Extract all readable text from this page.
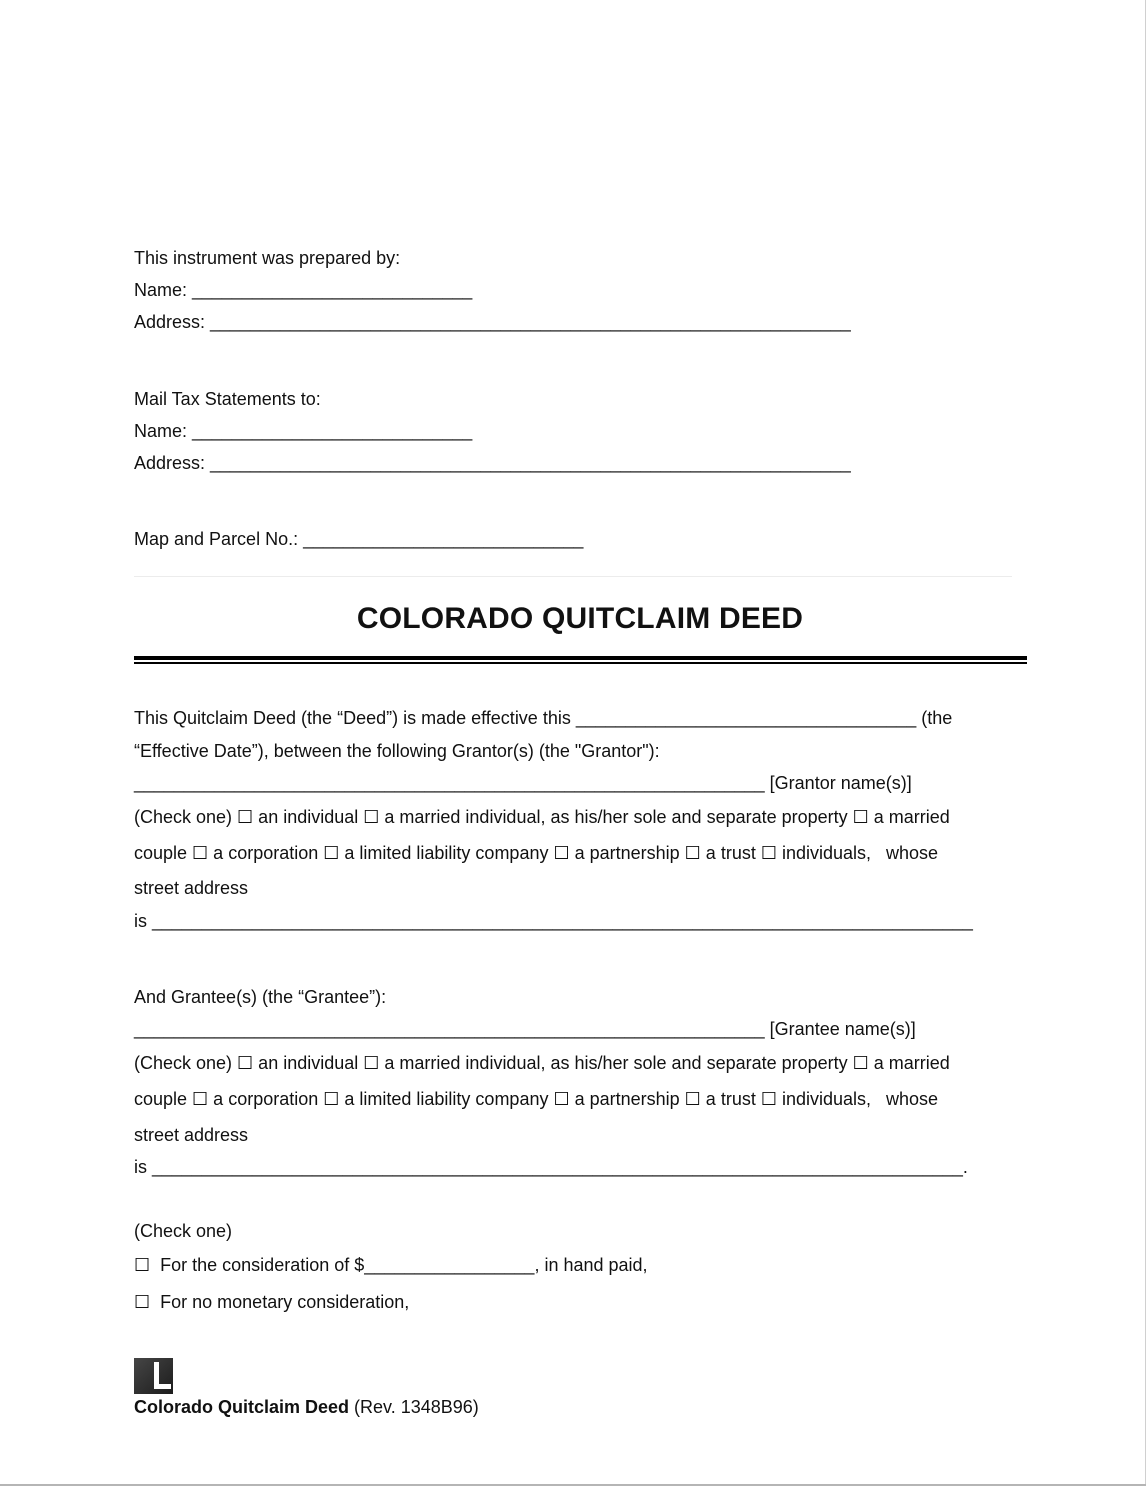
This instrument was prepared by:
Name: ____________________________
Address: ________________________________________________________________
Mail Tax Statements to:
Name: ____________________________
Address: ________________________________________________________________
Map and Parcel No.: ____________________________
COLORADO QUITCLAIM DEED
This Quitclaim Deed (the “Deed”) is made effective this __________________________________ (the
“Effective Date”), between the following Grantor(s) (the "Grantor"):
_______________________________________________________________ [Grantor name(s)]
(Check one) ☐ an individual ☐ a married individual, as his/her sole and separate property ☐ a married
couple ☐ a corporation ☐ a limited liability company ☐ a partnership ☐ a trust ☐ individuals,   whose
street address
is __________________________________________________________________________________
And Grantee(s) (the “Grantee”):
_______________________________________________________________ [Grantee name(s)]
(Check one) ☐ an individual ☐ a married individual, as his/her sole and separate property ☐ a married
couple ☐ a corporation ☐ a limited liability company ☐ a partnership ☐ a trust ☐ individuals,   whose
street address
is _________________________________________________________________________________.
(Check one)
☐  For the consideration of $_________________, in hand paid,
☐  For no monetary consideration,
Colorado Quitclaim Deed (Rev. 1348B96)
